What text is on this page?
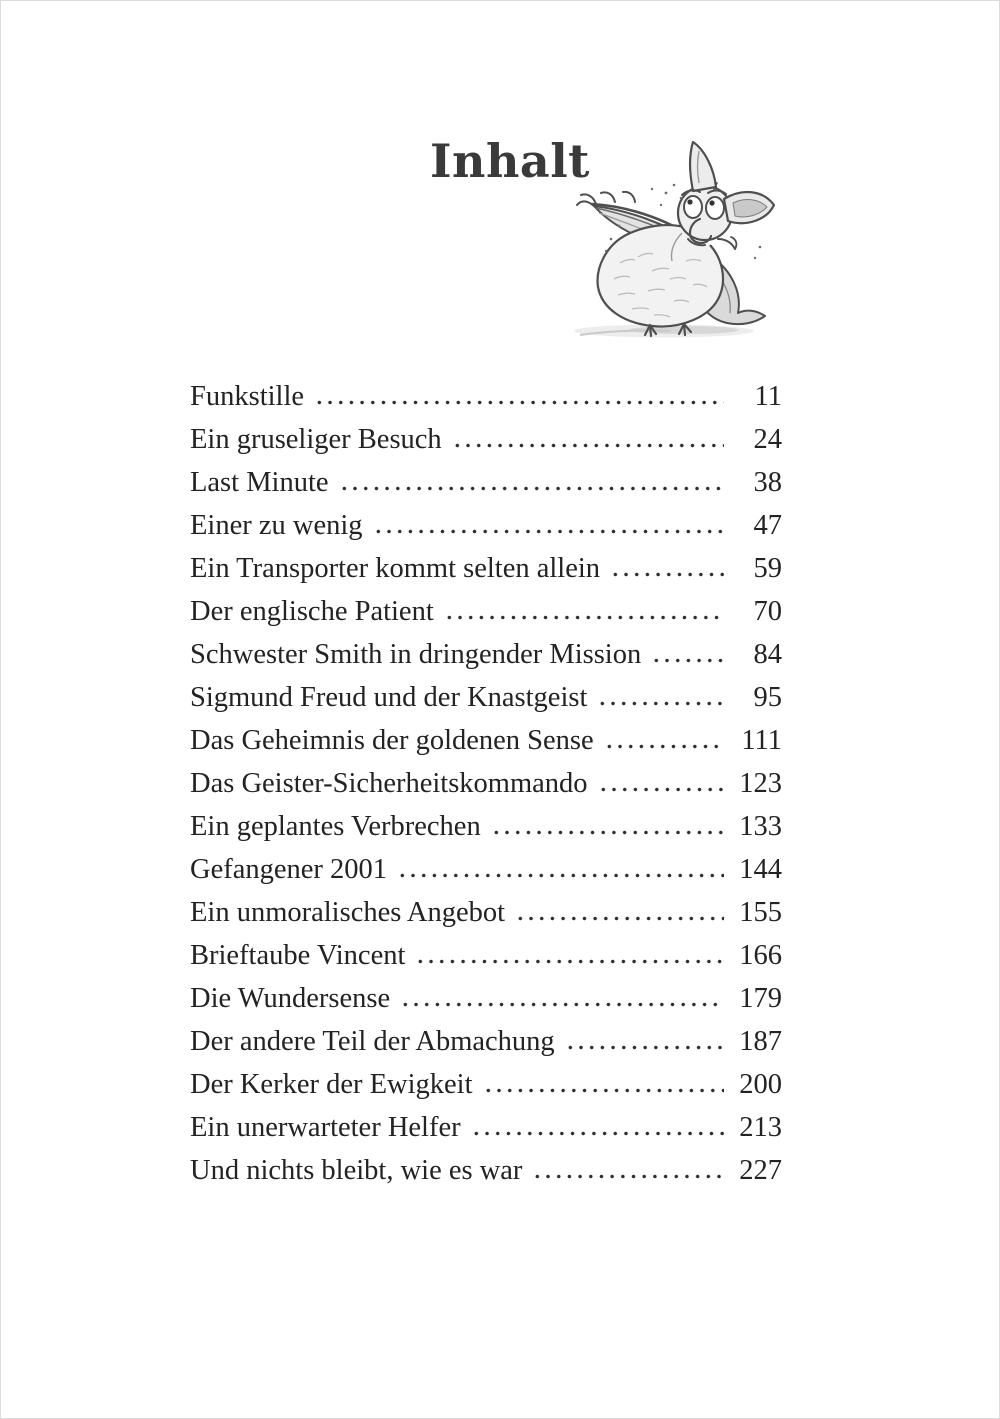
Inhalt
Funkstille	11
Ein gruseliger Besuch	24
Last Minute	38
Einer zu wenig	47
Ein Transporter kommt selten allein	59
Der englische Patient	70
Schwester Smith in dringender Mission	84
Sigmund Freud und der Knastgeist	95
Das Geheimnis der goldenen Sense	111
Das Geister-Sicherheitskommando	123
Ein geplantes Verbrechen	133
Gefangener 2001	144
Ein unmoralisches Angebot	155
Brieftaube Vincent	166
Die Wundersense	179
Der andere Teil der Abmachung	187
Der Kerker der Ewigkeit	200
Ein unerwarteter Helfer	213
Und nichts bleibt, wie es war	227
